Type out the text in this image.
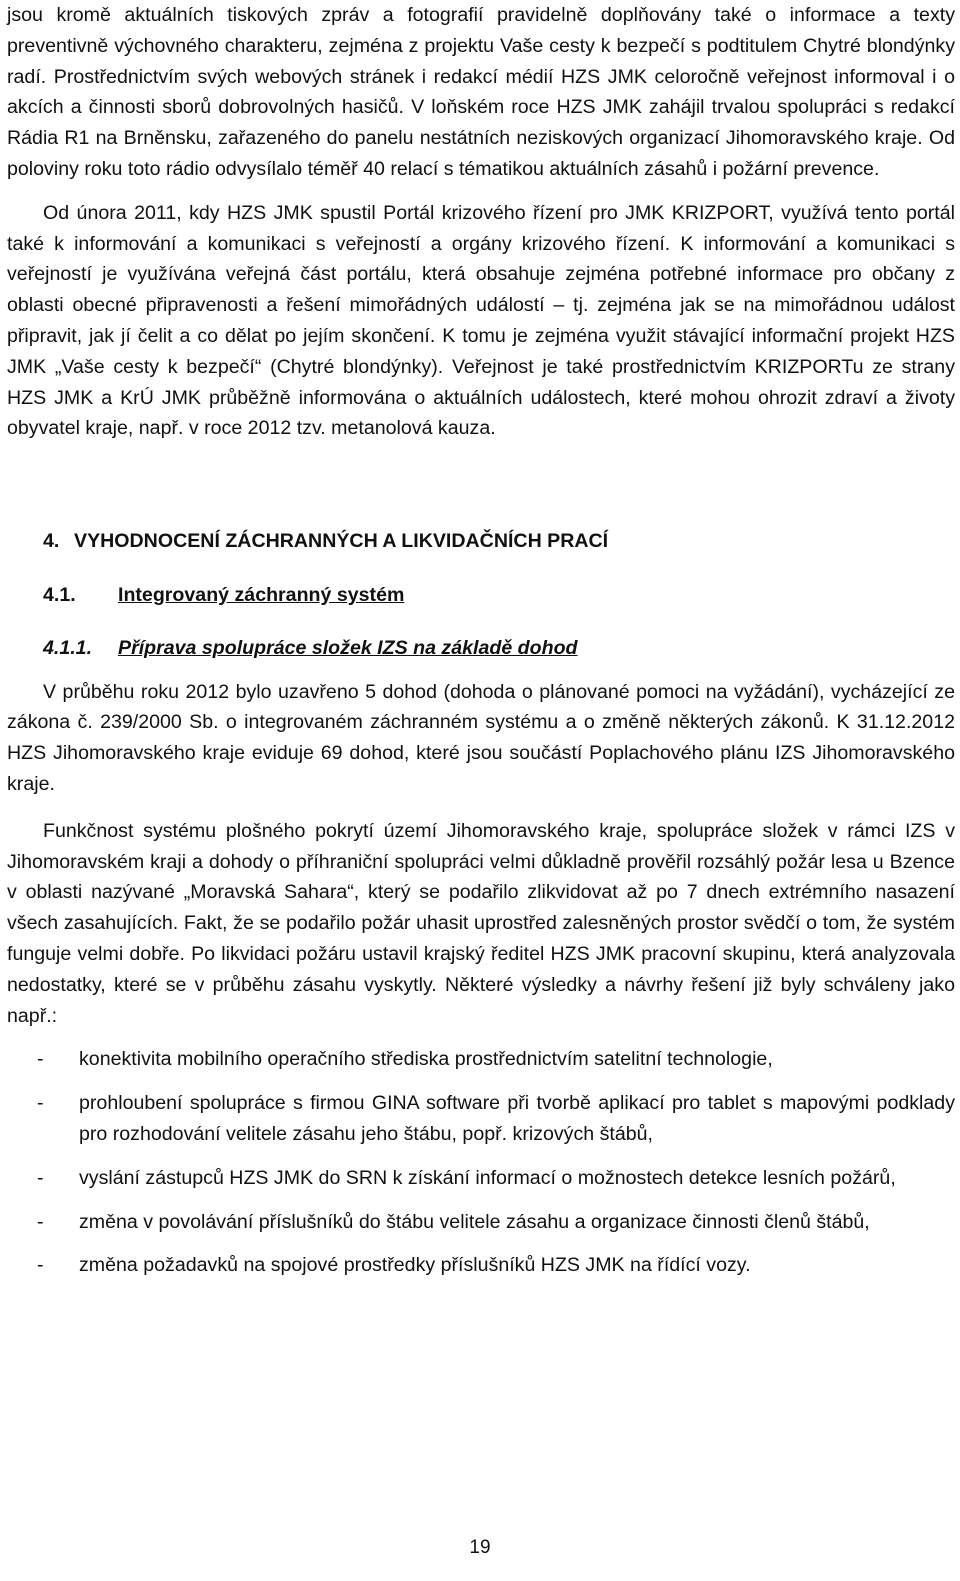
jsou kromě aktuálních tiskových zpráv a fotografií pravidelně doplňovány také o informace a texty preventivně výchovného charakteru, zejména z projektu Vaše cesty k bezpečí s podtitulem Chytré blondýnky radí. Prostřednictvím svých webových stránek i redakcí médií HZS JMK celoročně veřejnost informoval i o akcích a činnosti sborů dobrovolných hasičů. V loňském roce HZS JMK zahájil trvalou spolupráci s redakcí Rádia R1 na Brněnsku, zařazeného do panelu nestátních neziskových organizací Jihomoravského kraje. Od poloviny roku toto rádio odvysílalo téměř 40 relací s tématikou aktuálních zásahů i požární prevence.

Od února 2011, kdy HZS JMK spustil Portál krizového řízení pro JMK KRIZPORT, využívá tento portál také k informování a komunikaci s veřejností a orgány krizového řízení. K informování a komunikaci s veřejností je využívána veřejná část portálu, která obsahuje zejména potřebné informace pro občany z oblasti obecné připravenosti a řešení mimořádných událostí – tj. zejména jak se na mimořádnou událost připravit, jak jí čelit a co dělat po jejím skončení. K tomu je zejména využit stávající informační projekt HZS JMK „Vaše cesty k bezpečí“ (Chytré blondýnky). Veřejnost je také prostřednictvím KRIZPORTu ze strany HZS JMK a KrÚ JMK průběžně informována o aktuálních událostech, které mohou ohrozit zdraví a životy obyvatel kraje, např. v roce 2012 tzv. metanolová kauza.

4. VYHODNOCENÍ ZÁCHRANNÝCH A LIKVIDAČNÍCH PRACÍ
4.1. Integrovaný záchranný systém
4.1.1. Příprava spolupráce složek IZS na základě dohod

V průběhu roku 2012 bylo uzavřeno 5 dohod (dohoda o plánované pomoci na vyžádání), vycházející ze zákona č. 239/2000 Sb. o integrovaném záchranném systému a o změně některých zákonů. K 31.12.2012 HZS Jihomoravského kraje eviduje 69 dohod, které jsou součástí Poplachového plánu IZS Jihomoravského kraje.

Funkčnost systému plošného pokrytí území Jihomoravského kraje, spolupráce složek v rámci IZS v Jihomoravském kraji a dohody o příhraniční spolupráci velmi důkladně prověřil rozsáhlý požár lesa u Bzence v oblasti nazývané „Moravská Sahara“, který se podařilo zlikvidovat až po 7 dnech extrémního nasazení všech zasahujících. Fakt, že se podařilo požár uhasit uprostřed zalesněných prostor svědčí o tom, že systém funguje velmi dobře. Po likvidaci požáru ustavil krajský ředitel HZS JMK pracovní skupinu, která analyzovala nedostatky, které se v průběhu zásahu vyskytly. Některé výsledky a návrhy řešení již byly schváleny jako např.:

- konektivita mobilního operačního střediska prostřednictvím satelitní technologie,
- prohloubení spolupráce s firmou GINA software při tvorbě aplikací pro tablet s mapovými podklady pro rozhodování velitele zásahu jeho štábu, popř. krizových štábů,
- vyslání zástupců HZS JMK do SRN k získání informací o možnostech detekce lesních požárů,
- změna v povolávání příslušníků do štábu velitele zásahu a organizace činnosti členů štábů,
- změna požadavků na spojové prostředky příslušníků HZS JMK na řídící vozy.
19
